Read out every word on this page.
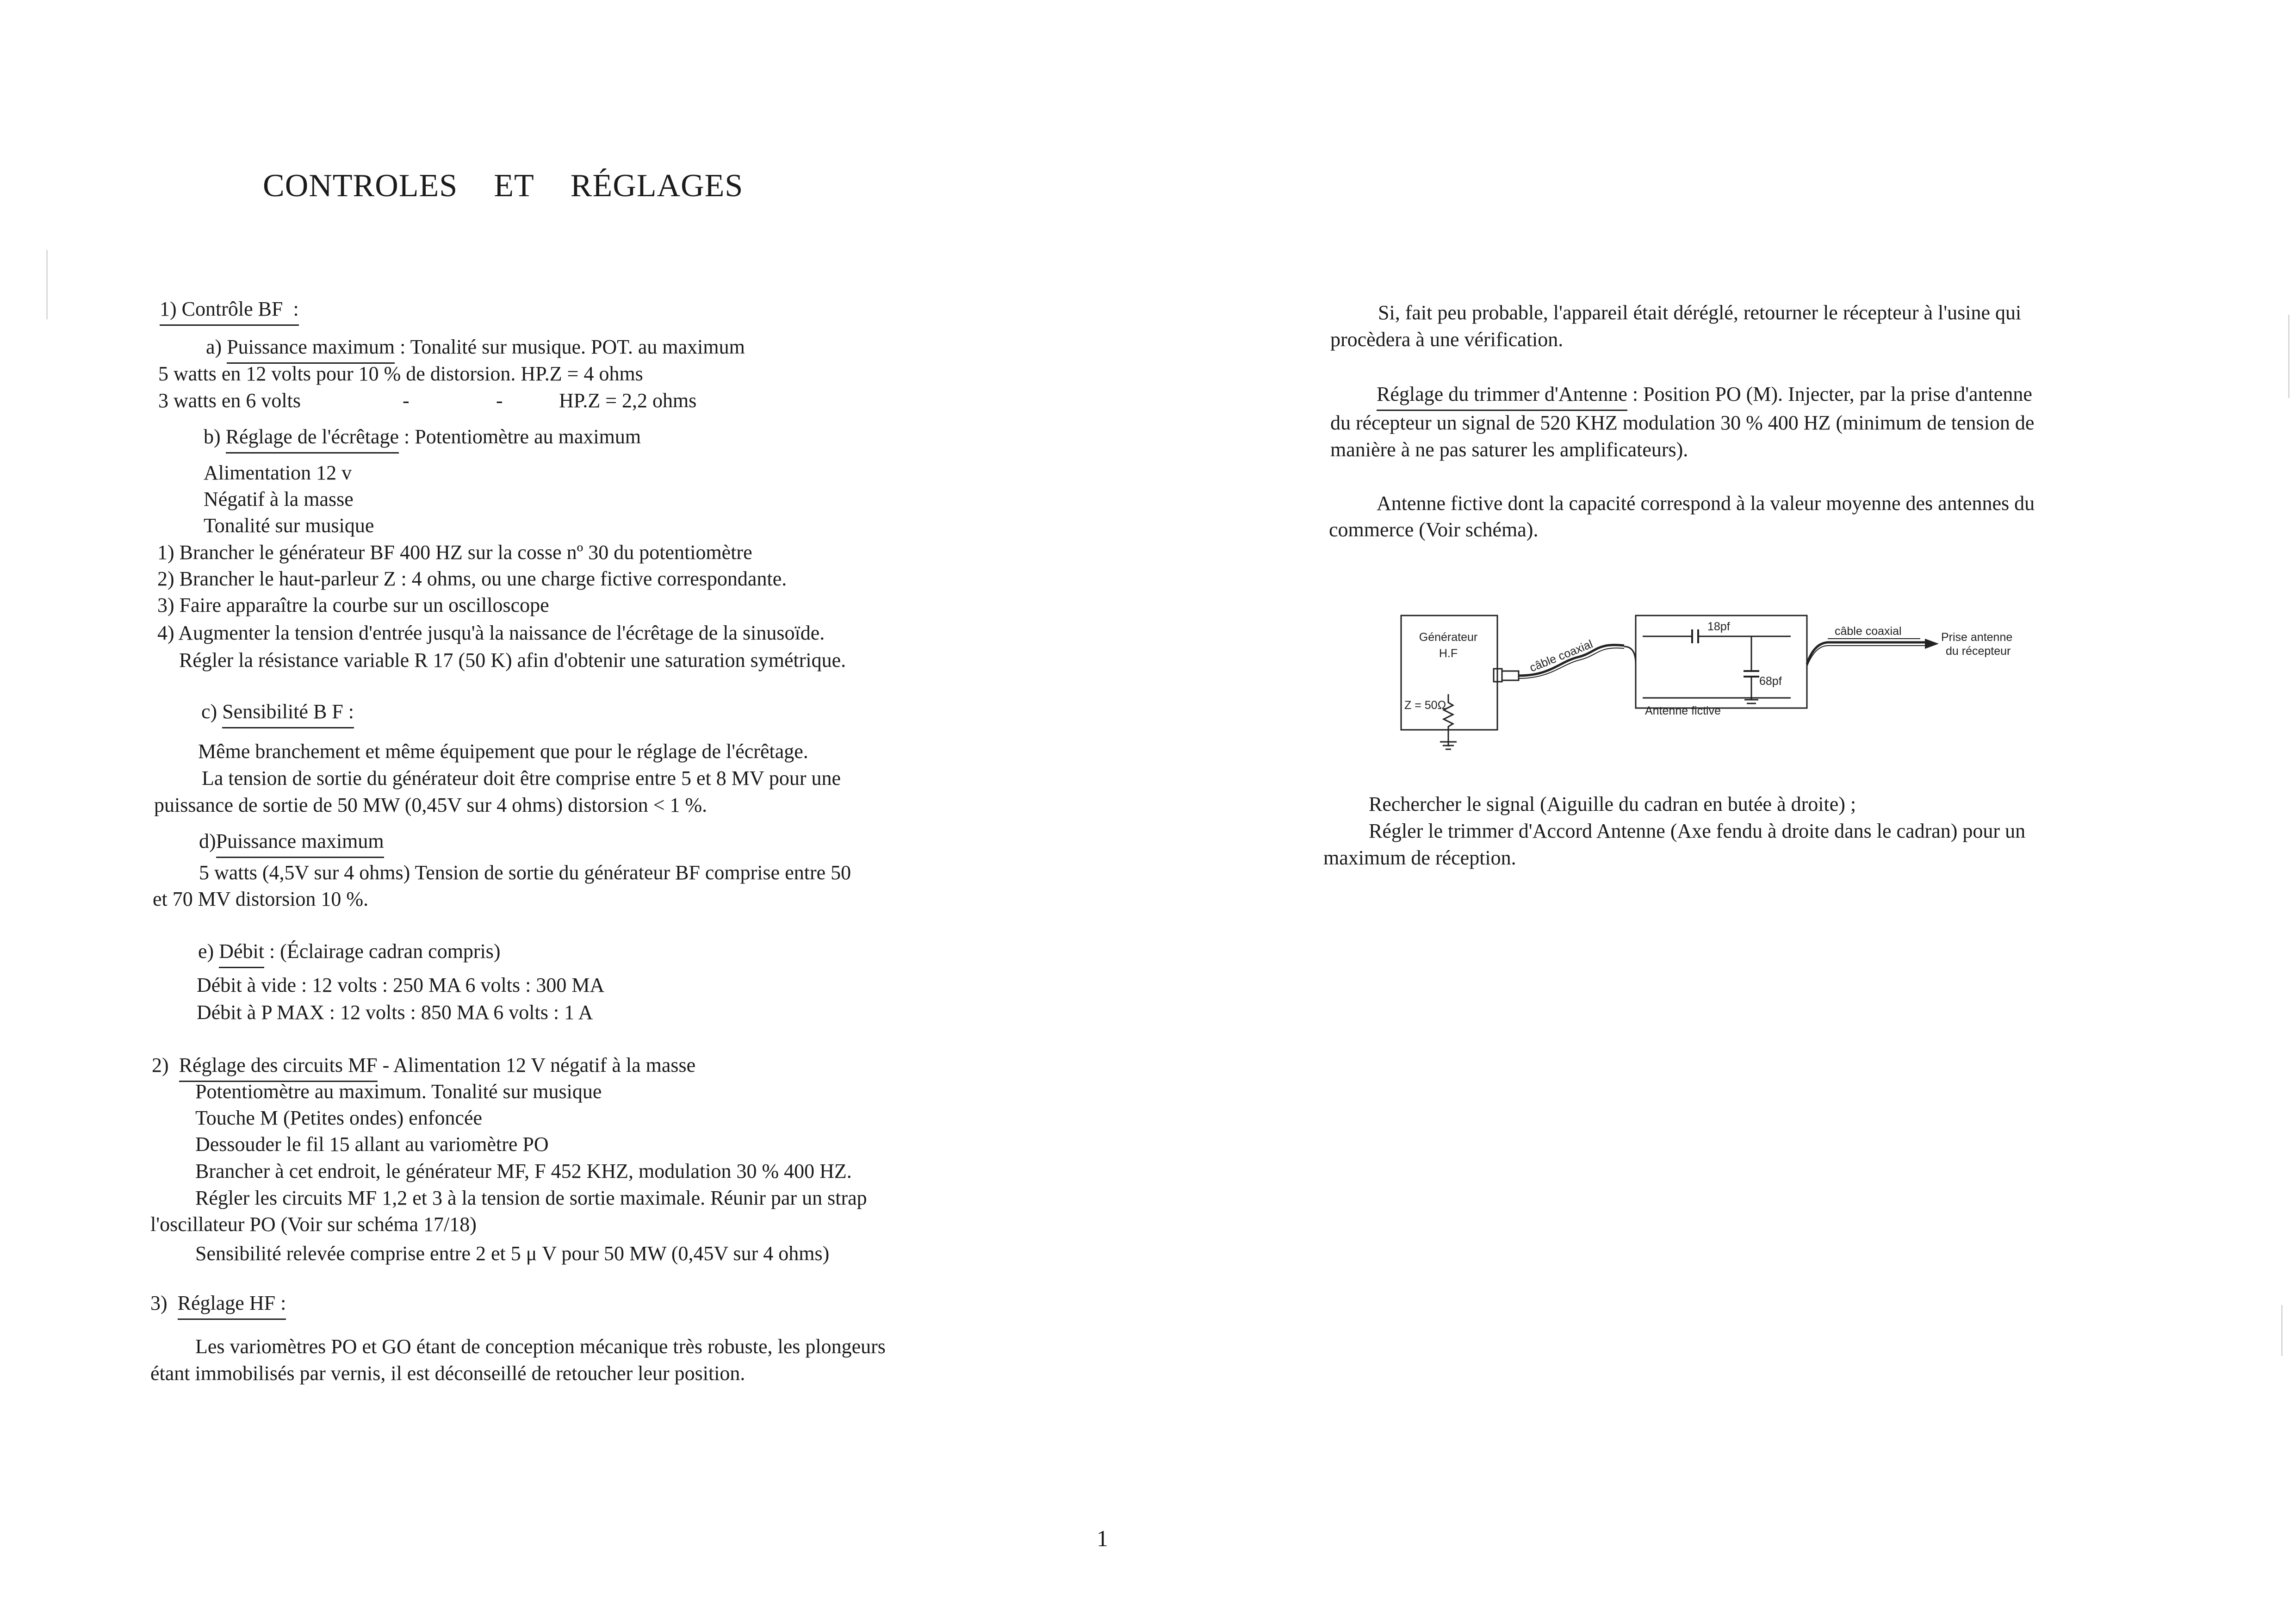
CONTROLES ET RÉGLAGES
1) Contrôle BF :
a) Puissance maximum : Tonalité sur musique. POT. au maximum
5 watts en 12 volts pour 10 % de distorsion. HP.Z = 4 ohms
3 watts en 6 volts	-	-	HP.Z = 2,2 ohms
b) Réglage de l'écrêtage : Potentiomètre au maximum
Alimentation 12 v
Négatif à la masse
Tonalité sur musique
1) Brancher le générateur BF 400 HZ sur la cosse nº 30 du potentiomètre
2) Brancher le haut-parleur Z : 4 ohms, ou une charge fictive correspondante.
3) Faire apparaître la courbe sur un oscilloscope
4) Augmenter la tension d'entrée jusqu'à la naissance de l'écrêtage de la sinusoïde.
Régler la résistance variable R 17 (50 K) afin d'obtenir une saturation symétrique.
c) Sensibilité B F :
Même branchement et même équipement que pour le réglage de l'écrêtage.
La tension de sortie du générateur doit être comprise entre 5 et 8 MV pour une
puissance de sortie de 50 MW (0,45V sur 4 ohms) distorsion < 1 %.
d)Puissance maximum
5 watts (4,5V sur 4 ohms) Tension de sortie du générateur BF comprise entre 50
et 70 MV distorsion 10 %.
e) Débit : (Éclairage cadran compris)
Débit à vide : 12 volts : 250 MA 6 volts : 300 MA
Débit à P MAX : 12 volts : 850 MA 6 volts : 1 A
2) Réglage des circuits MF - Alimentation 12 V négatif à la masse
Potentiomètre au maximum. Tonalité sur musique
Touche M (Petites ondes) enfoncée
Dessouder le fil 15 allant au variomètre PO
Brancher à cet endroit, le générateur MF, F 452 KHZ, modulation 30 % 400 HZ.
Régler les circuits MF 1,2 et 3 à la tension de sortie maximale. Réunir par un strap
l'oscillateur PO (Voir sur schéma 17/18)
Sensibilité relevée comprise entre 2 et 5 μ V pour 50 MW (0,45V sur 4 ohms)
3) Réglage HF :
Les variomètres PO et GO étant de conception mécanique très robuste, les plongeurs
étant immobilisés par vernis, il est déconseillé de retoucher leur position.
Si, fait peu probable, l'appareil était déréglé, retourner le récepteur à l'usine qui
procèdera à une vérification.
Réglage du trimmer d'Antenne : Position PO (M). Injecter, par la prise d'antenne
du récepteur un signal de 520 KHZ modulation 30 % 400 HZ (minimum de tension de
manière à ne pas saturer les amplificateurs).
Antenne fictive dont la capacité correspond à la valeur moyenne des antennes du
commerce (Voir schéma).
Générateur
H.F
Z = 50Ω
câble coaxial
18pf
68pf
Antenne fictive
câble coaxial	Prise antenne
du récepteur
Rechercher le signal (Aiguille du cadran en butée à droite) ;
Régler le trimmer d'Accord Antenne (Axe fendu à droite dans le cadran) pour un
maximum de réception.
1
